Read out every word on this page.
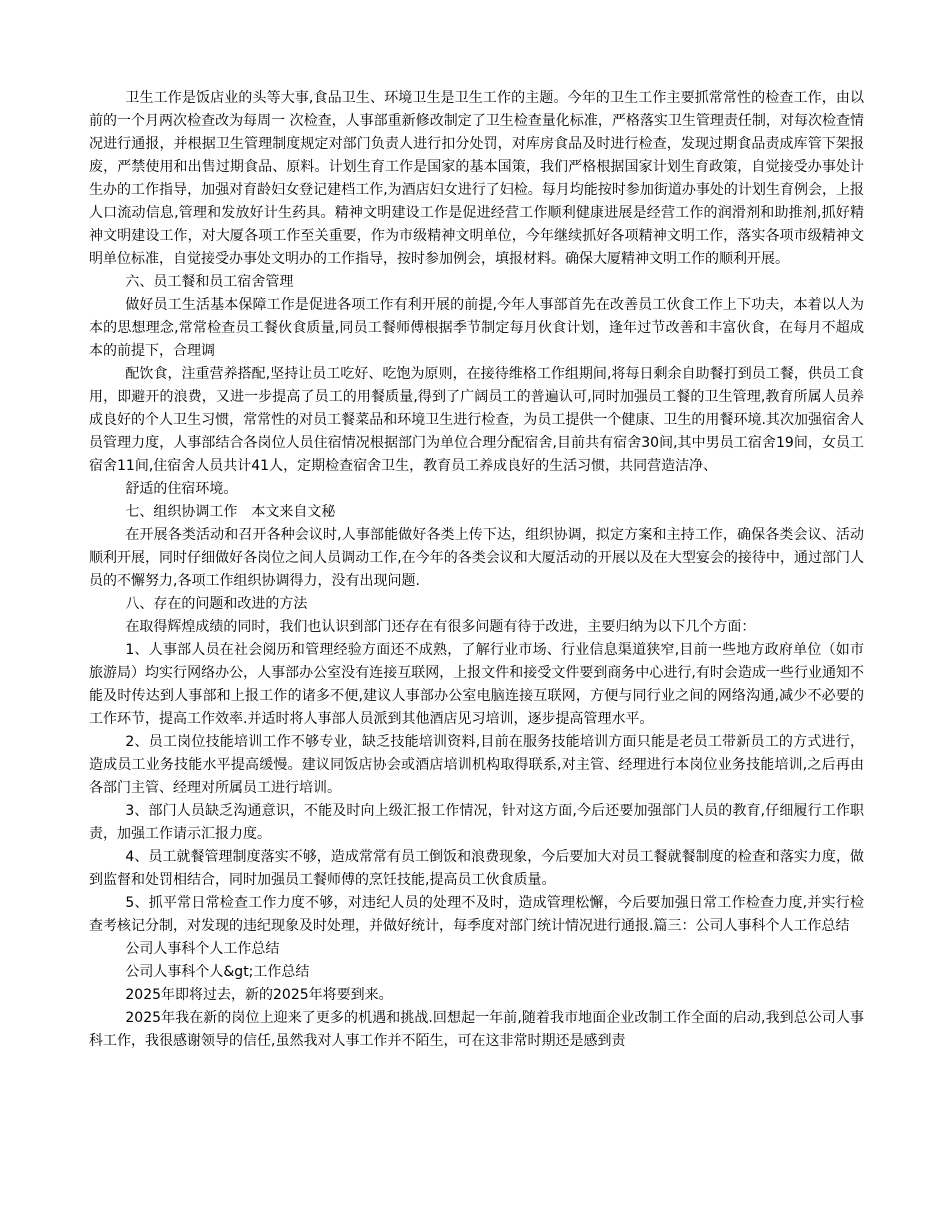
卫生工作是饭店业的头等大事,食品卫生、环境卫生是卫生工作的主题。今年的卫生工作主要抓常常性的检查工作，由以前的一个月两次检查改为每周一 次检查，人事部重新修改制定了卫生检查量化标准，严格落实卫生管理责任制，对每次检查情况进行通报，并根据卫生管理制度规定对部门负责人进行扣分处罚，对库房食品及时进行检查，发现过期食品责成库管下架报废，严禁使用和出售过期食品、原料。计划生育工作是国家的基本国策，我们严格根据国家计划生育政策，自觉接受办事处计生办的工作指导，加强对育龄妇女登记建档工作,为酒店妇女进行了妇检。每月均能按时参加街道办事处的计划生育例会，上报人口流动信息,管理和发放好计生药具。精神文明建设工作是促进经营工作顺利健康进展是经营工作的润滑剂和助推剂,抓好精神文明建设工作，对大厦各项工作至关重要，作为市级精神文明单位，今年继续抓好各项精神文明工作，落实各项市级精神文明单位标准，自觉接受办事处文明办的工作指导，按时参加例会，填报材料。确保大厦精神文明工作的顺利开展。

六、员工餐和员工宿舍管理

做好员工生活基本保障工作是促进各项工作有利开展的前提,今年人事部首先在改善员工伙食工作上下功夫，本着以人为本的思想理念,常常检查员工餐伙食质量,同员工餐师傅根据季节制定每月伙食计划，逢年过节改善和丰富伙食，在每月不超成本的前提下，合理调

配饮食，注重营养搭配,坚持让员工吃好、吃饱为原则，在接待维格工作组期间,将每日剩余自助餐打到员工餐，供员工食用，即避开的浪费，又进一步提高了员工的用餐质量,得到了广阔员工的普遍认可,同时加强员工餐的卫生管理,教育所属人员养成良好的个人卫生习惯，常常性的对员工餐菜品和环境卫生进行检查，为员工提供一个健康、卫生的用餐环境.其次加强宿舍人员管理力度，人事部结合各岗位人员住宿情况根据部门为单位合理分配宿舍,目前共有宿舍30间,其中男员工宿舍19间，女员工宿舍11间,住宿舍人员共计41人，定期检查宿舍卫生，教育员工养成良好的生活习惯，共同营造洁净、

舒适的住宿环境。

七、组织协调工作　本文来自文秘

在开展各类活动和召开各种会议时,人事部能做好各类上传下达，组织协调，拟定方案和主持工作，确保各类会议、活动顺利开展，同时仔细做好各岗位之间人员调动工作,在今年的各类会议和大厦活动的开展以及在大型宴会的接待中，通过部门人员的不懈努力,各项工作组织协调得力，没有出现问题.

八、存在的问题和改进的方法

在取得辉煌成绩的同时，我们也认识到部门还存在有很多问题有待于改进，主要归纳为以下几个方面：

1、人事部人员在社会阅历和管理经验方面还不成熟，了解行业市场、行业信息渠道狭窄,目前一些地方政府单位（如市旅游局）均实行网络办公，人事部办公室没有连接互联网，上报文件和接受文件要到商务中心进行,有时会造成一些行业通知不能及时传达到人事部和上报工作的诸多不便,建议人事部办公室电脑连接互联网，方便与同行业之间的网络沟通,减少不必要的工作环节，提高工作效率.并适时将人事部人员派到其他酒店见习培训，逐步提高管理水平。

2、员工岗位技能培训工作不够专业，缺乏技能培训资料,目前在服务技能培训方面只能是老员工带新员工的方式进行，造成员工业务技能水平提高缓慢。建议同饭店协会或酒店培训机构取得联系,对主管、经理进行本岗位业务技能培训,之后再由各部门主管、经理对所属员工进行培训。

3、部门人员缺乏沟通意识，不能及时向上级汇报工作情况，针对这方面,今后还要加强部门人员的教育,仔细履行工作职责，加强工作请示汇报力度。

4、员工就餐管理制度落实不够，造成常常有员工倒饭和浪费现象，今后要加大对员工餐就餐制度的检查和落实力度，做到监督和处罚相结合，同时加强员工餐师傅的烹饪技能,提高员工伙食质量。

5、抓平常日常检查工作力度不够，对违纪人员的处理不及时，造成管理松懈，今后要加强日常工作检查力度,并实行检查考核记分制，对发现的违纪现象及时处理，并做好统计，每季度对部门统计情况进行通报.篇三：公司人事科个人工作总结

公司人事科个人工作总结

公司人事科个人&gt;工作总结

2025年即将过去，新的2025年将要到来。

2025年我在新的岗位上迎来了更多的机遇和挑战.回想起一年前,随着我市地面企业改制工作全面的启动,我到总公司人事科工作，我很感谢领导的信任,虽然我对人事工作并不陌生，可在这非常时期还是感到责
